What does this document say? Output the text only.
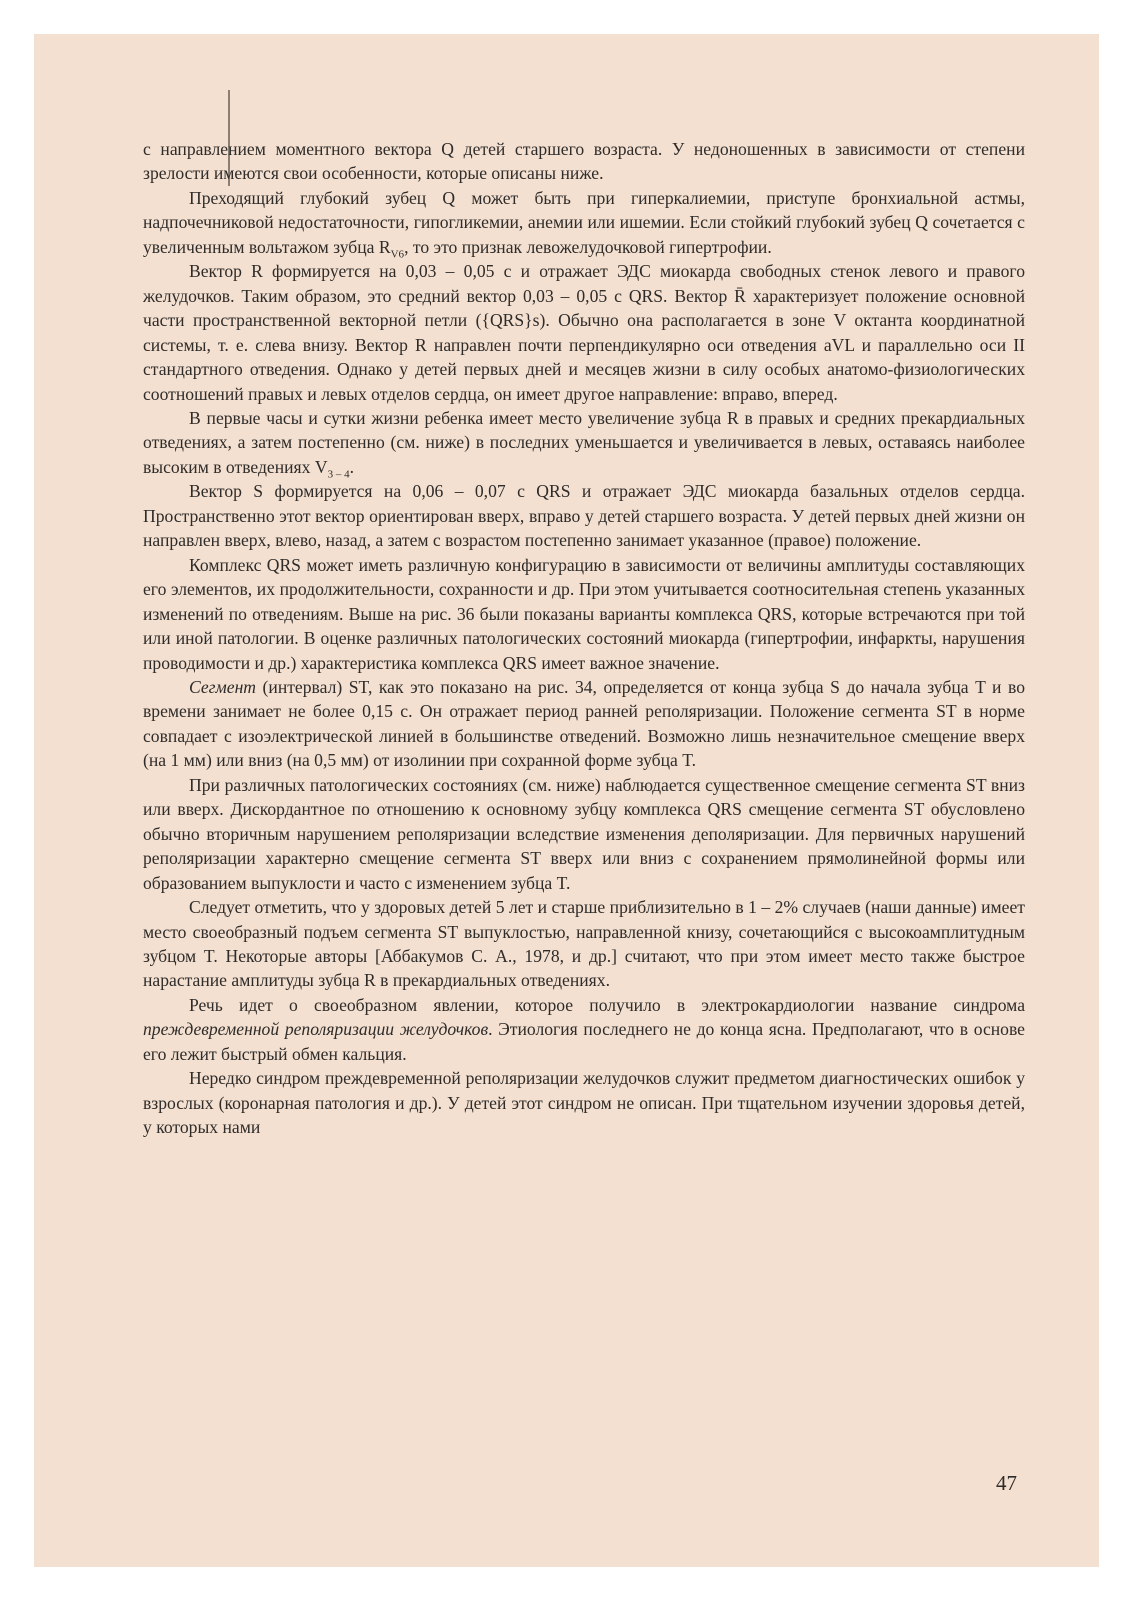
с направлением моментного вектора Q детей старшего возраста. У недоношенных в зависимости от степени зрелости имеются свои особенности, которые описаны ниже.

Преходящий глубокий зубец Q может быть при гиперкалиемии, приступе бронхиальной астмы, надпочечниковой недостаточности, гипогликемии, анемии или ишемии. Если стойкий глубокий зубец Q сочетается с увеличенным вольтажом зубца $R_{V6}$, то это признак левожелудочковой гипертрофии.

Вектор R формируется на 0,03 – 0,05 с и отражает ЭДС миокарда свободных стенок левого и правого желудочков. Таким образом, это средний вектор 0,03 – 0,05 с QRS. Вектор R̄ характеризует положение основной части пространственной векторной петли ({QRS}s). Обычно она располагается в зоне V октанта координатной системы, т. е. слева внизу. Вектор R направлен почти перпендикулярно оси отведения aVL и параллельно оси II стандартного отведения. Однако у детей первых дней и месяцев жизни в силу особых анатомо-физиологических соотношений правых и левых отделов сердца, он имеет другое направление: вправо, вперед.

В первые часы и сутки жизни ребенка имеет место увеличение зубца R в правых и средних прекардиальных отведениях, а затем постепенно (см. ниже) в последних уменьшается и увеличивается в левых, оставаясь наиболее высоким в отведениях $V_{3 - 4}$.

Вектор S формируется на 0,06 – 0,07 с QRS и отражает ЭДС миокарда базальных отделов сердца. Пространственно этот вектор ориентирован вверх, вправо у детей старшего возраста. У детей первых дней жизни он направлен вверх, влево, назад, а затем с возрастом постепенно занимает указанное (правое) положение.

Комплекс QRS может иметь различную конфигурацию в зависимости от величины амплитуды составляющих его элементов, их продолжительности, сохранности и др. При этом учитывается соотносительная степень указанных изменений по отведениям. Выше на рис. 36 были показаны варианты комплекса QRS, которые встречаются при той или иной патологии. В оценке различных патологических состояний миокарда (гипертрофии, инфаркты, нарушения проводимости и др.) характеристика комплекса QRS имеет важное значение.

Сегмент (интервал) ST, как это показано на рис. 34, определяется от конца зубца S до начала зубца T и во времени занимает не более 0,15 с. Он отражает период ранней реполяризации. Положение сегмента ST в норме совпадает с изоэлектрической линией в большинстве отведений. Возможно лишь незначительное смещение вверх (на 1 мм) или вниз (на 0,5 мм) от изолинии при сохранной форме зубца T.

При различных патологических состояниях (см. ниже) наблюдается существенное смещение сегмента ST вниз или вверх. Дискордантное по отношению к основному зубцу комплекса QRS смещение сегмента ST обусловлено обычно вторичным нарушением реполяризации вследствие изменения деполяризации. Для первичных нарушений реполяризации характерно смещение сегмента ST вверх или вниз с сохранением прямолинейной формы или образованием выпуклости и часто с изменением зубца T.

Следует отметить, что у здоровых детей 5 лет и старше приблизительно в 1 – 2% случаев (наши данные) имеет место своеобразный подъем сегмента ST выпуклостью, направленной книзу, сочетающийся с высокоамплитудным зубцом T. Некоторые авторы [Аббакумов С. А., 1978, и др.] считают, что при этом имеет место также быстрое нарастание амплитуды зубца R в прекардиальных отведениях.

Речь идет о своеобразном явлении, которое получило в электрокардиологии название синдрома преждевременной реполяризации желудочков. Этиология последнего не до конца ясна. Предполагают, что в основе его лежит быстрый обмен кальция.

Нередко синдром преждевременной реполяризации желудочков служит предметом диагностических ошибок у взрослых (коронарная патология и др.). У детей этот синдром не описан. При тщательном изучении здоровья детей, у которых нами

47
